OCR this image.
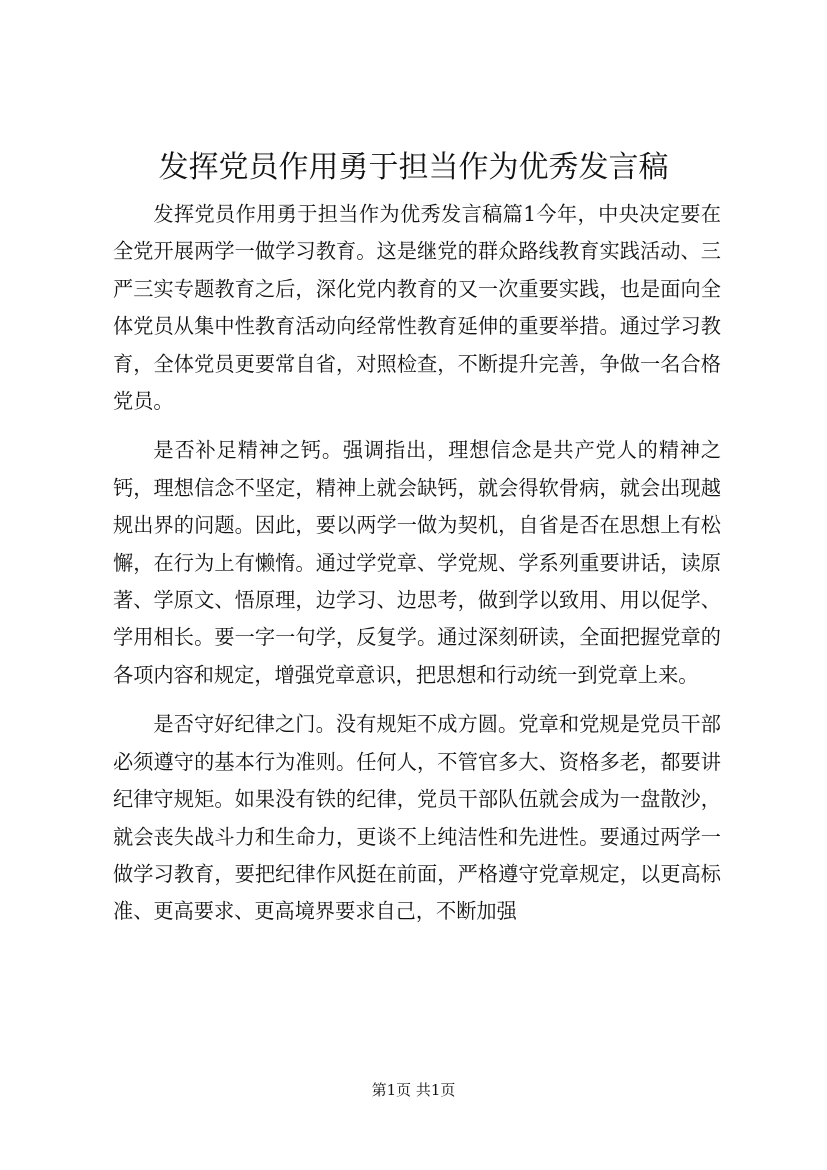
发挥党员作用勇于担当作为优秀发言稿

发挥党员作用勇于担当作为优秀发言稿篇1今年，中央决定要在全党开展两学一做学习教育。这是继党的群众路线教育实践活动、三严三实专题教育之后，深化党内教育的又一次重要实践，也是面向全体党员从集中性教育活动向经常性教育延伸的重要举措。通过学习教育，全体党员更要常自省，对照检查，不断提升完善，争做一名合格党员。

是否补足精神之钙。强调指出，理想信念是共产党人的精神之钙，理想信念不坚定，精神上就会缺钙，就会得软骨病，就会出现越规出界的问题。因此，要以两学一做为契机，自省是否在思想上有松懈，在行为上有懒惰。通过学党章、学党规、学系列重要讲话，读原著、学原文、悟原理，边学习、边思考，做到学以致用、用以促学、学用相长。要一字一句学，反复学。通过深刻研读，全面把握党章的各项内容和规定，增强党章意识，把思想和行动统一到党章上来。

是否守好纪律之门。没有规矩不成方圆。党章和党规是党员干部必须遵守的基本行为准则。任何人，不管官多大、资格多老，都要讲纪律守规矩。如果没有铁的纪律，党员干部队伍就会成为一盘散沙，就会丧失战斗力和生命力，更谈不上纯洁性和先进性。要通过两学一做学习教育，要把纪律作风挺在前面，严格遵守党章规定，以更高标准、更高要求、更高境界要求自己，不断加强

第1页 共1页
